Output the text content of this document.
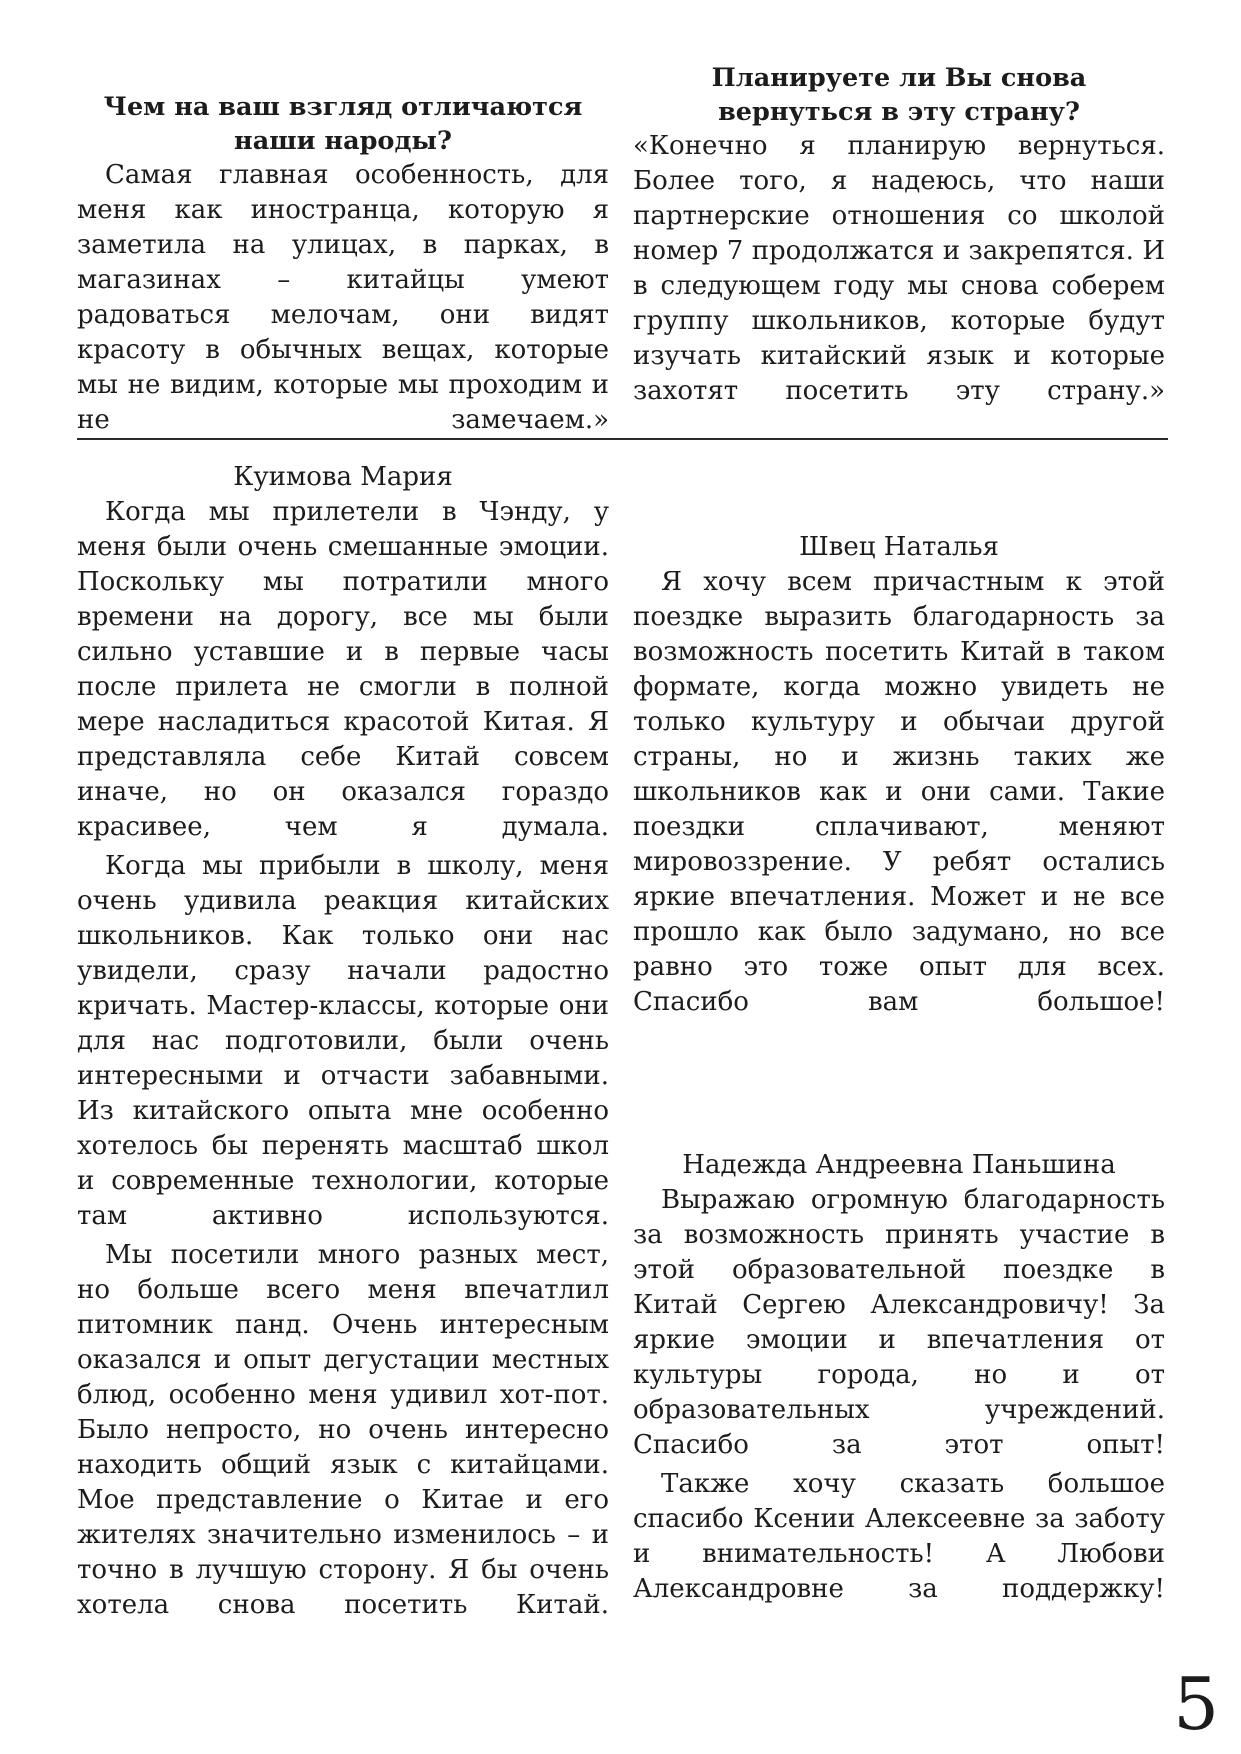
Чем на ваш взгляд отличаются наши народы?

Самая главная особенность, для меня как иностранца, которую я заметила на улицах, в парках, в магазинах – китайцы умеют радоваться мелочам, они видят красоту в обычных вещах, которые мы не видим, которые мы проходим и не замечаем.»

Планируете ли Вы снова вернуться в эту страну?

«Конечно я планирую вернуться. Более того, я надеюсь, что наши партнерские отношения со школой номер 7 продолжатся и закрепятся. И в следующем году мы снова соберем группу школьников, которые будут изучать китайский язык и которые захотят посетить эту страну.»

Куимова Мария

Когда мы прилетели в Чэнду, у меня были очень смешанные эмоции. Поскольку мы потратили много времени на дорогу, все мы были сильно уставшие и в первые часы после прилета не смогли в полной мере насладиться красотой Китая. Я представляла себе Китай совсем иначе, но он оказался гораздо красивее, чем я думала.

Когда мы прибыли в школу, меня очень удивила реакция китайских школьников. Как только они нас увидели, сразу начали радостно кричать. Мастер-классы, которые они для нас подготовили, были очень интересными и отчасти забавными. Из китайского опыта мне особенно хотелось бы перенять масштаб школ и современные технологии, которые там активно используются.

Мы посетили много разных мест, но больше всего меня впечатлил питомник панд. Очень интересным оказался и опыт дегустации местных блюд, особенно меня удивил хот-пот. Было непросто, но очень интересно находить общий язык с китайцами. Мое представление о Китае и его жителях значительно изменилось – и точно в лучшую сторону. Я бы очень хотела снова посетить Китай.

Швец Наталья

Я хочу всем причастным к этой поездке выразить благодарность за возможность посетить Китай в таком формате, когда можно увидеть не только культуру и обычаи другой страны, но и жизнь таких же школьников как и они сами. Такие поездки сплачивают, меняют мировоззрение. У ребят остались яркие впечатления. Может и не все прошло как было задумано, но все равно это тоже опыт для всех. Спасибо вам большое!

Надежда Андреевна Паньшина

Выражаю огромную благодарность за возможность принять участие в этой образовательной поездке в Китай Сергею Александровичу! За яркие эмоции и впечатления от культуры города, но и от образовательных учреждений. Спасибо за этот опыт!

Также хочу сказать большое спасибо Ксении Алексеевне за заботу и внимательность! А Любови Александровне за поддержку!

5
